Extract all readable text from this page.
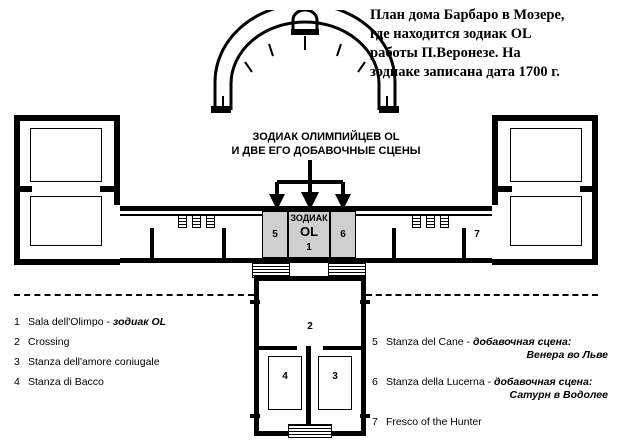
План дома Барбаро в Мозере,
где находится зодиак OL
работы П.Веронезе. На
зодиаке записана дата 1700 г.
ЗОДИАК ОЛИМПИЙЦЕВ OL
И ДВЕ ЕГО ДОБАВОЧНЫЕ СЦЕНЫ
7
5	6
ЗОДИАК
OL
1
2
4	3
1 Sala dell'Olimpo - зодиак OL
2 Crossing
3 Stanza dell'amore coniugale
4 Stanza di Bacco
5 Stanza del Cane - добавочная сцена:
Венера во Льве
6 Stanza della Lucerna - добавочная сцена:
Сатурн в Водолее
7 Fresco of the Hunter
